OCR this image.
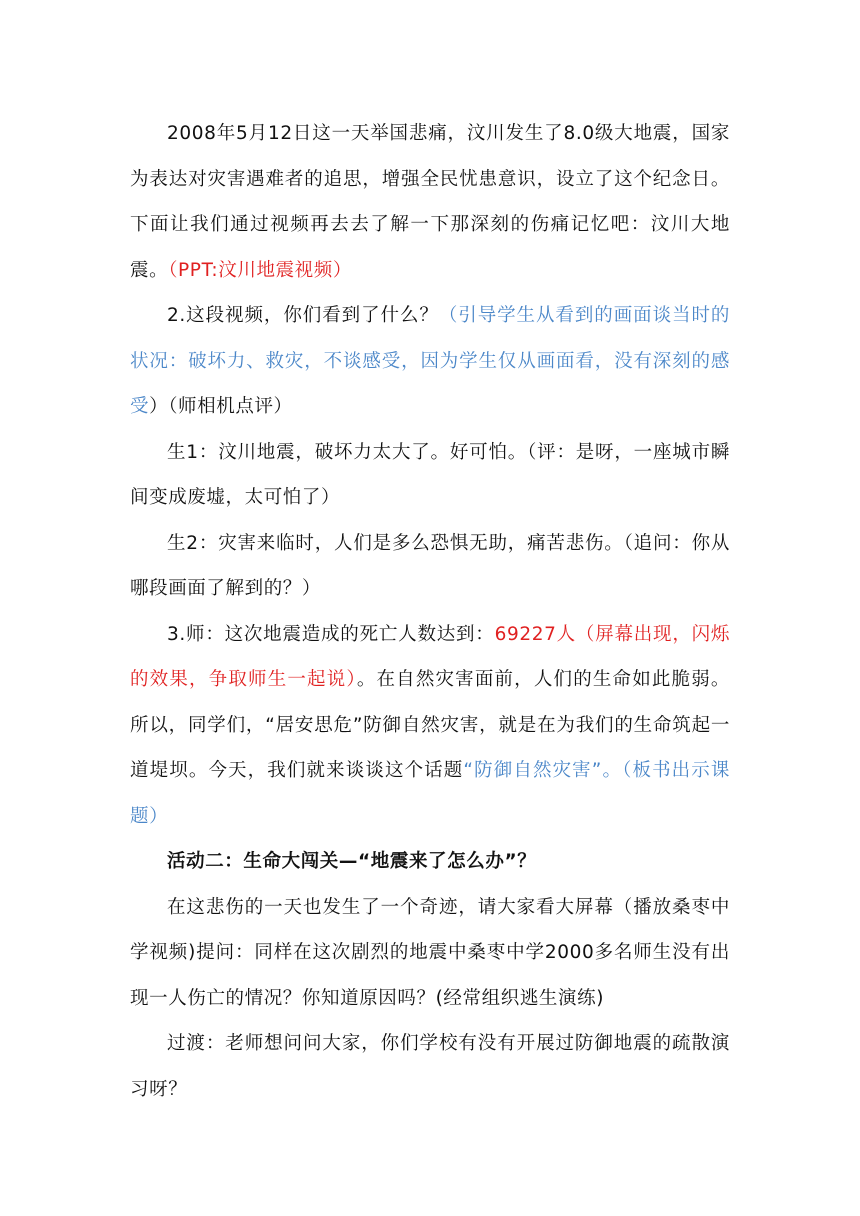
2008年5月12日这一天举国悲痛，汶川发生了8.0级大地震，国家为表达对灾害遇难者的追思，增强全民忧患意识，设立了这个纪念日。下面让我们通过视频再去去了解一下那深刻的伤痛记忆吧：汶川大地震。（PPT:汶川地震视频）

2.这段视频，你们看到了什么？（引导学生从看到的画面谈当时的状况：破坏力、救灾，不谈感受，因为学生仅从画面看，没有深刻的感受）（师相机点评）

生1：汶川地震，破坏力太大了。好可怕。（评：是呀，一座城市瞬间变成废墟，太可怕了）

生2：灾害来临时，人们是多么恐惧无助，痛苦悲伤。（追问：你从哪段画面了解到的？）

3.师：这次地震造成的死亡人数达到：69227人（屏幕出现，闪烁的效果，争取师生一起说）。在自然灾害面前，人们的生命如此脆弱。所以，同学们，“居安思危”防御自然灾害，就是在为我们的生命筑起一道堤坝。今天，我们就来谈谈这个话题“防御自然灾害”。（板书出示课题）

活动二：生命大闯关—“地震来了怎么办”？

在这悲伤的一天也发生了一个奇迹，请大家看大屏幕（播放桑枣中学视频)提问：同样在这次剧烈的地震中桑枣中学2000多名师生没有出现一人伤亡的情况？你知道原因吗？(经常组织逃生演练)

过渡：老师想问问大家，你们学校有没有开展过防御地震的疏散演习呀？
